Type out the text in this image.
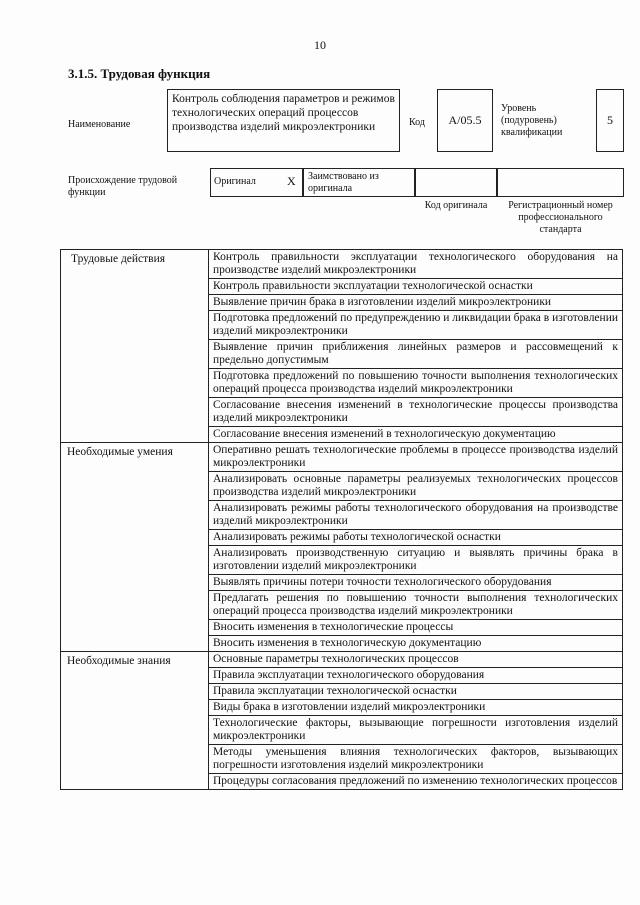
10
3.1.5. Трудовая функция
Наименование
Контроль соблюдения параметров и режимов технологических операций процессов производства изделий микроэлектроники	Код	А/05.5
Уровень (подуровень) квалификации
5
Происхождение трудовой функции
Оригинал	X	Заимствовано из оригинала
Код оригинала	Регистрационный номер профессионального стандарта
Трудовые действия	Контроль правильности эксплуатации технологического оборудования на производстве изделий микроэлектроники
	Контроль правильности эксплуатации технологической оснастки
	Выявление причин брака в изготовлении изделий микроэлектроники
	Подготовка предложений по предупреждению и ликвидации брака в изготовлении изделий микроэлектроники
	Выявление причин приближения линейных размеров и рассовмещений к предельно допустимым
	Подготовка предложений по повышению точности выполнения технологических операций процесса производства изделий микроэлектроники
	Согласование внесения изменений в технологические процессы производства изделий микроэлектроники
	Согласование внесения изменений в технологическую документацию
Необходимые умения	Оперативно решать технологические проблемы в процессе производства изделий микроэлектроники
	Анализировать основные параметры реализуемых технологических процессов производства изделий микроэлектроники
	Анализировать режимы работы технологического оборудования на производстве изделий микроэлектроники
	Анализировать режимы работы технологической оснастки
	Анализировать производственную ситуацию и выявлять причины брака в изготовлении изделий микроэлектроники
	Выявлять причины потери точности технологического оборудования
	Предлагать решения по повышению точности выполнения технологических операций процесса производства изделий микроэлектроники
	Вносить изменения в технологические процессы
	Вносить изменения в технологическую документацию
Необходимые знания	Основные параметры технологических процессов
	Правила эксплуатации технологического оборудования
	Правила эксплуатации технологической оснастки
	Виды брака в изготовлении изделий микроэлектроники
	Технологические факторы, вызывающие погрешности изготовления изделий микроэлектроники
	Методы уменьшения влияния технологических факторов, вызывающих погрешности изготовления изделий микроэлектроники
	Процедуры согласования предложений по изменению технологических процессов
